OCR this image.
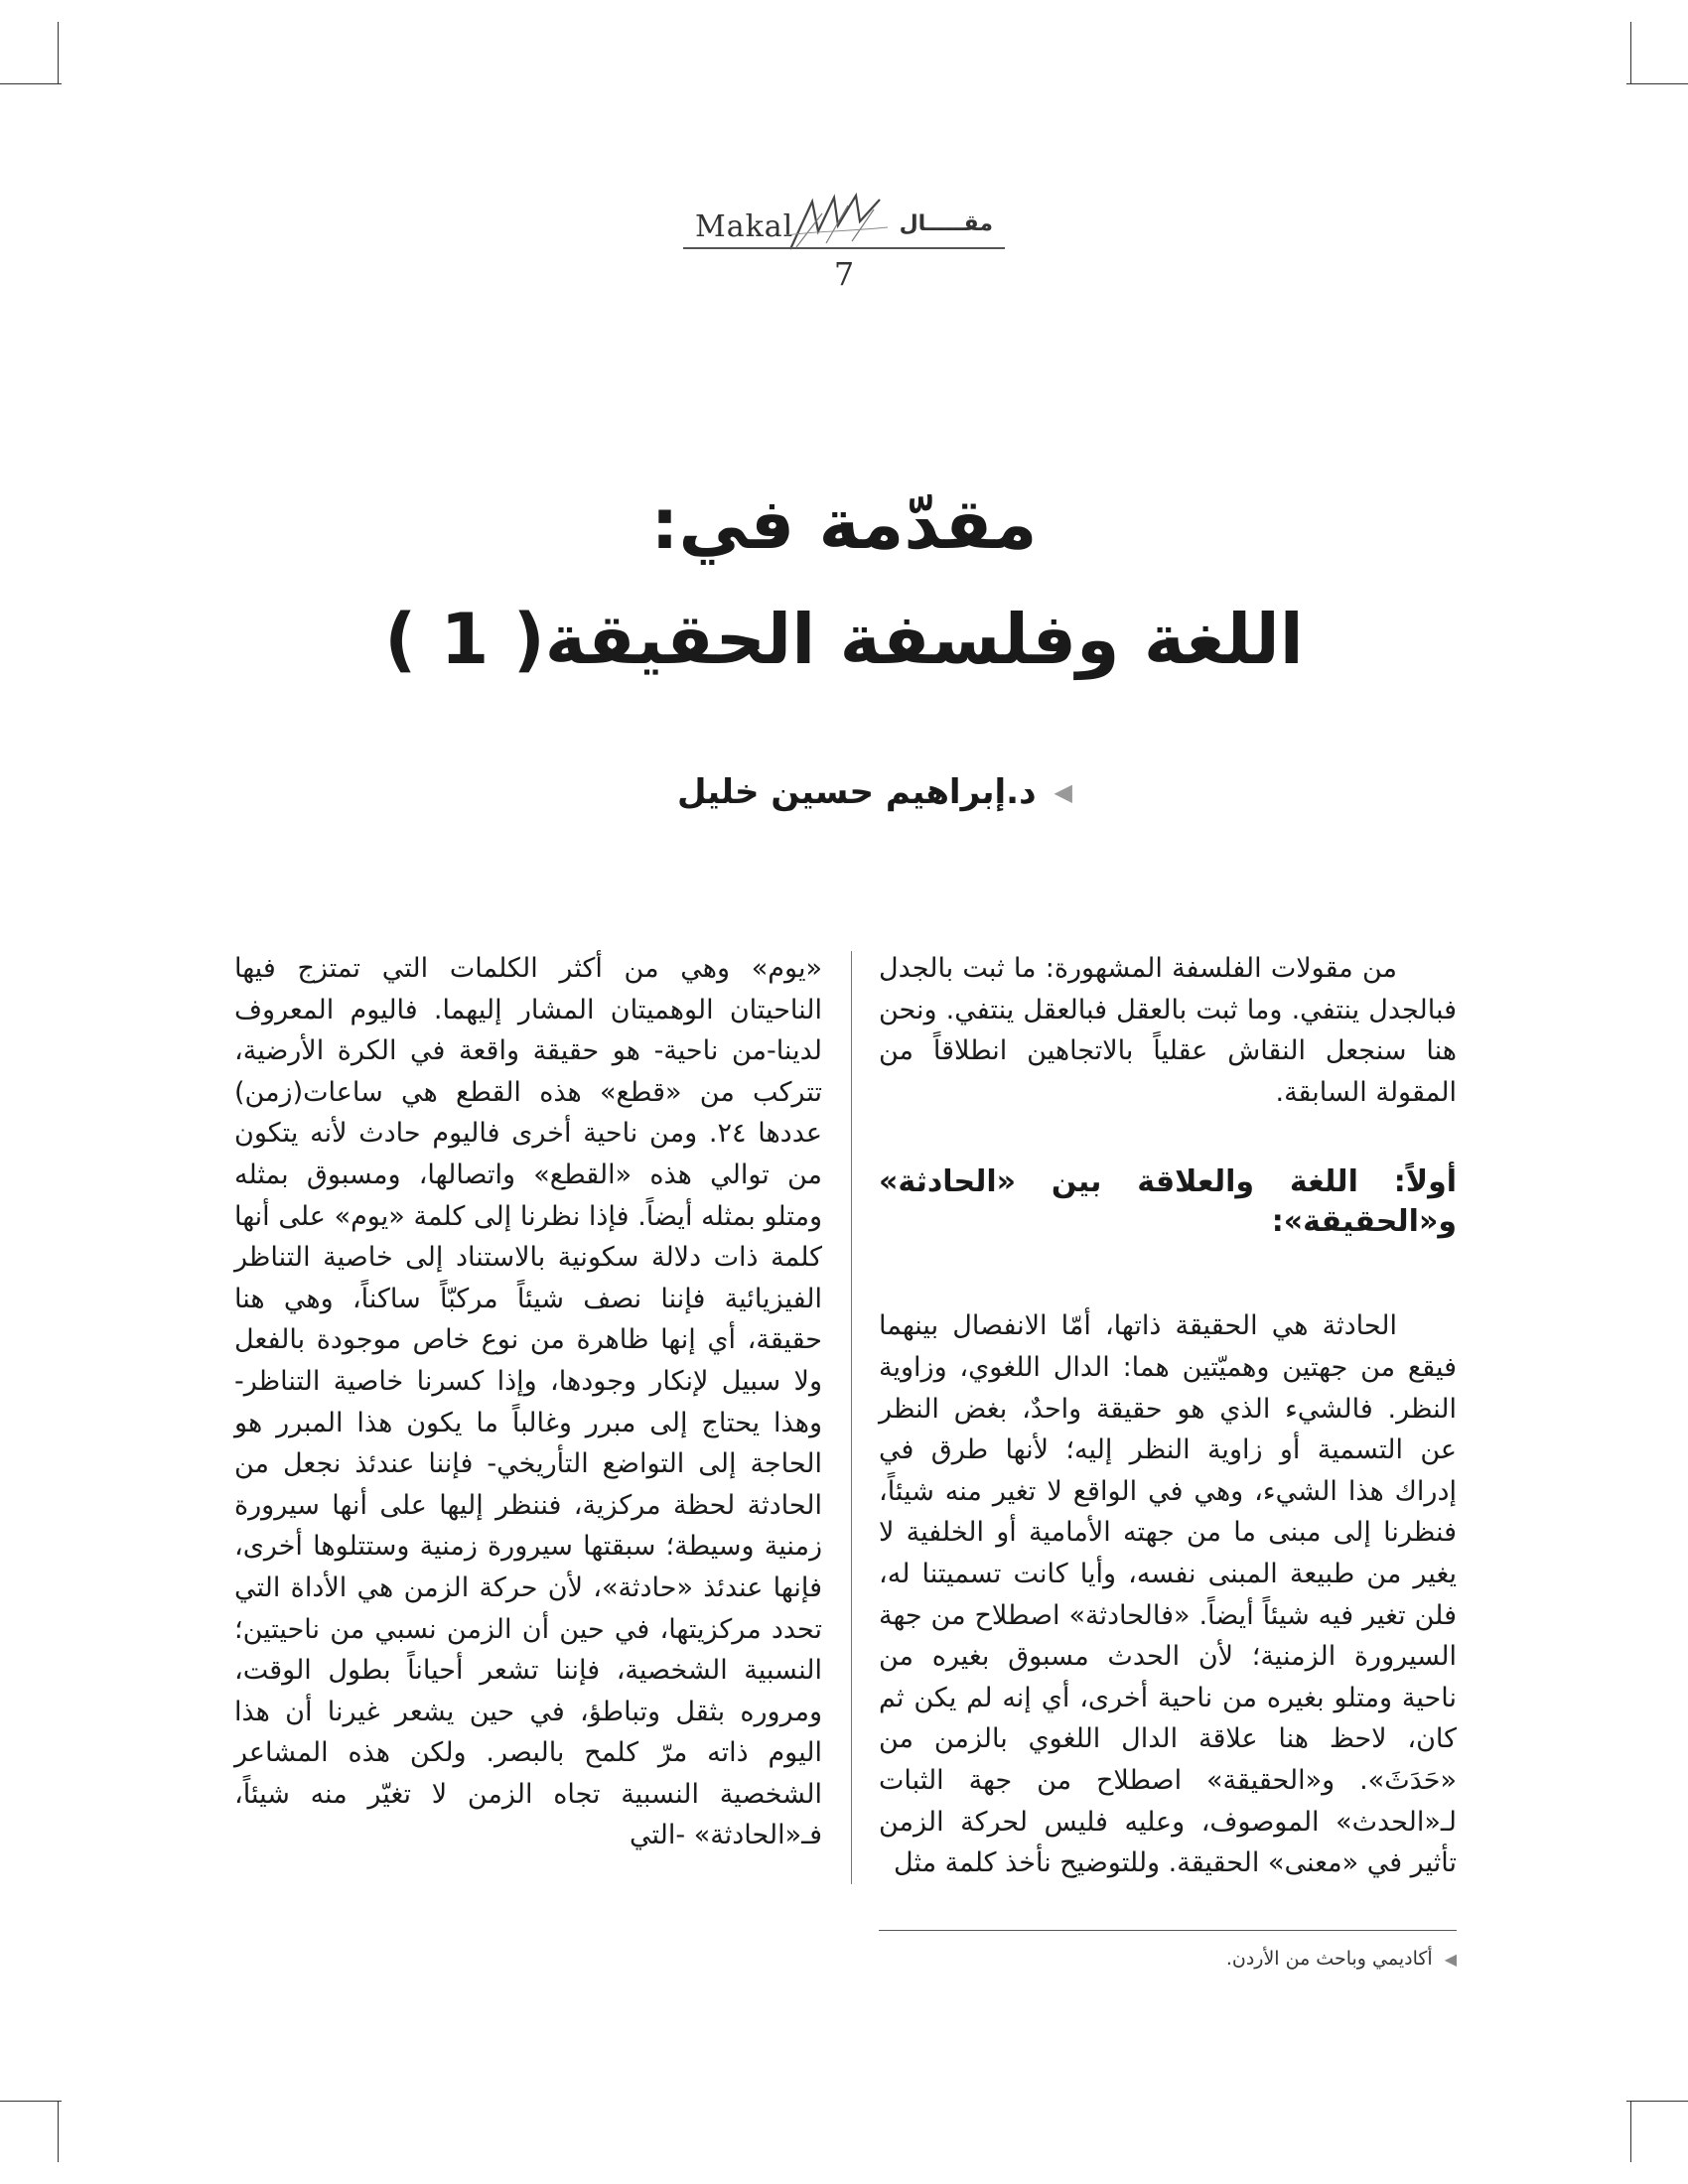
Makal	مقـــــال
7
مقدّمة في:
اللغة وفلسفة الحقيقة( 1 )
◀
د.إبراهيم حسين خليل

من مقولات الفلسفة المشهورة: ما ثبت بالجدل فبالجدل ينتفي. وما ثبت بالعقل فبالعقل ينتفي. ونحن هنا سنجعل النقاش عقلياً بالاتجاهين انطلاقاً من المقولة السابقة.

أولاً: اللغة والعلاقة بين «الحادثة» و«الحقيقة»:

الحادثة هي الحقيقة ذاتها، أمّا الانفصال بينهما فيقع من جهتين وهميّتين هما: الدال اللغوي، وزاوية النظر. فالشيء الذي هو حقيقة واحدٌ، بغض النظر عن التسمية أو زاوية النظر إليه؛ لأنها طرق في إدراك هذا الشيء، وهي في الواقع لا تغير منه شيئاً، فنظرنا إلى مبنى ما من جهته الأمامية أو الخلفية لا يغير من طبيعة المبنى نفسه، وأيا كانت تسميتنا له، فلن تغير فيه شيئاً أيضاً. «فالحادثة» اصطلاح من جهة السيرورة الزمنية؛ لأن الحدث مسبوق بغيره من ناحية ومتلو بغيره من ناحية أخرى، أي إنه لم يكن ثم كان، لاحظ هنا علاقة الدال اللغوي بالزمن من «حَدَثَ». و«الحقيقة» اصطلاح من جهة الثبات لـ«الحدث» الموصوف، وعليه فليس لحركة الزمن تأثير في «معنى» الحقيقة. وللتوضيح نأخذ كلمة مثل

«يوم» وهي من أكثر الكلمات التي تمتزج فيها الناحيتان الوهميتان المشار إليهما. فاليوم المعروف لدينا-من ناحية- هو حقيقة واقعة في الكرة الأرضية، تتركب من «قطع» هذه القطع هي ساعات(زمن) عددها ٢٤. ومن ناحية أخرى فاليوم حادث لأنه يتكون من توالي هذه «القطع» واتصالها، ومسبوق بمثله ومتلو بمثله أيضاً. فإذا نظرنا إلى كلمة «يوم» على أنها كلمة ذات دلالة سكونية بالاستناد إلى خاصية التناظر الفيزيائية فإننا نصف شيئاً مركبّاً ساكناً، وهي هنا حقيقة، أي إنها ظاهرة من نوع خاص موجودة بالفعل ولا سبيل لإنكار وجودها، وإذا كسرنا خاصية التناظر-وهذا يحتاج إلى مبرر وغالباً ما يكون هذا المبرر هو الحاجة إلى التواضع التأريخي- فإننا عندئذ نجعل من الحادثة لحظة مركزية، فننظر إليها على أنها سيرورة زمنية وسيطة؛ سبقتها سيرورة زمنية وستتلوها أخرى، فإنها عندئذ «حادثة»، لأن حركة الزمن هي الأداة التي تحدد مركزيتها، في حين أن الزمن نسبي من ناحيتين؛ النسبية الشخصية، فإننا تشعر أحياناً بطول الوقت، ومروره بثقل وتباطؤ، في حين يشعر غيرنا أن هذا اليوم ذاته مرّ كلمح بالبصر. ولكن هذه المشاعر الشخصية النسبية تجاه الزمن لا تغيّر منه شيئاً، فـ«الحادثة» -التي

◀
أكاديمي وباحث من الأردن.
